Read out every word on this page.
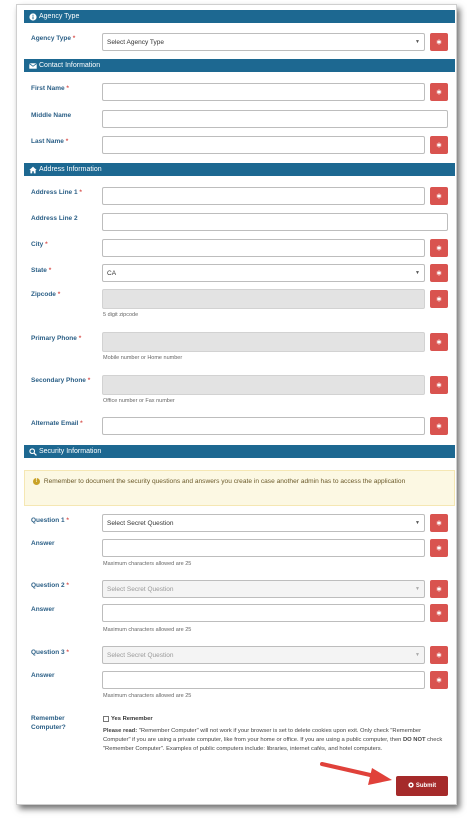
Agency Type
Agency Type *	Select Agency Type	▼
Contact Information
First Name *
Middle Name
Last Name *
Address Information
Address Line 1 *
Address Line 2
City *
State *	CA	▼
Zipcode *
5 digit zipcode
Primary Phone *
Mobile number or Home number
Secondary Phone *
Office number or Fax number
Alternate Email *
Security Information
! Remember to document the security questions and answers you create in case another admin has to access the application
Question 1 *	Select Secret Question	▼
Answer
Maximum characters allowed are 25
Question 2 *	Select Secret Question	▼
Answer
Maximum characters allowed are 25
Question 3 *	Select Secret Question	▼
Answer
Maximum characters allowed are 25
Remember
Computer?
Yes Remember
Please read: "Remember Computer" will not work if your browser is set to delete cookies upon exit. Only check "Remember Computer" if you are using a private computer, like from your home or office. If you are using a public computer, then DO NOT check "Remember Computer". Examples of public computers include: libraries, internet cafés, and hotel computers.
Submit
